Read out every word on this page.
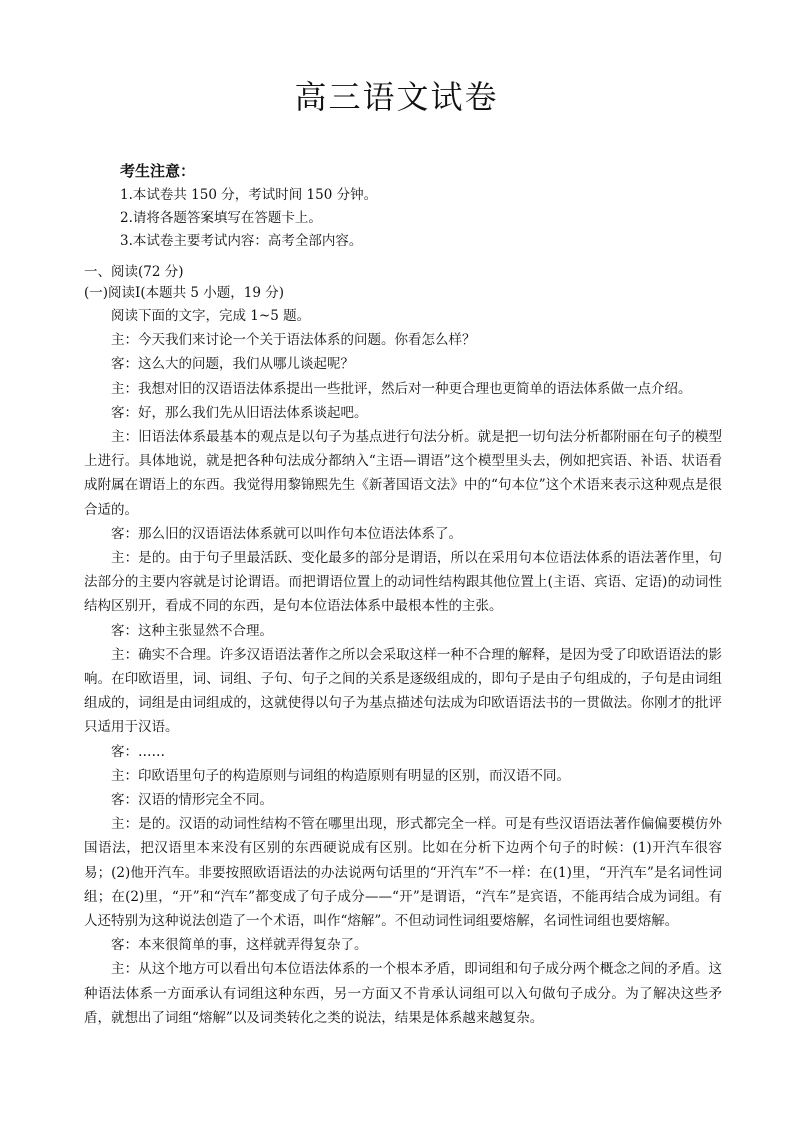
高三语文试卷

考生注意：

1.本试卷共 150 分，考试时间 150 分钟。

2.请将各题答案填写在答题卡上。

3.本试卷主要考试内容：高考全部内容。

一、阅读(72 分)

(一)阅读Ⅰ(本题共 5 小题，19 分)

阅读下面的文字，完成 1~5 题。

主：今天我们来讨论一个关于语法体系的问题。你看怎么样？

客：这么大的问题，我们从哪儿谈起呢？

主：我想对旧的汉语语法体系提出一些批评，然后对一种更合理也更简单的语法体系做一点介绍。

客：好，那么我们先从旧语法体系谈起吧。

主：旧语法体系最基本的观点是以句子为基点进行句法分析。就是把一切句法分析都附丽在句子的模型上进行。具体地说，就是把各种句法成分都纳入“主语—谓语”这个模型里头去，例如把宾语、补语、状语看成附属在谓语上的东西。我觉得用黎锦熙先生《新著国语文法》中的“句本位”这个术语来表示这种观点是很合适的。

客：那么旧的汉语语法体系就可以叫作句本位语法体系了。

主：是的。由于句子里最活跃、变化最多的部分是谓语，所以在采用句本位语法体系的语法著作里，句法部分的主要内容就是讨论谓语。而把谓语位置上的动词性结构跟其他位置上(主语、宾语、定语)的动词性结构区别开，看成不同的东西，是句本位语法体系中最根本性的主张。

客：这种主张显然不合理。

主：确实不合理。许多汉语语法著作之所以会采取这样一种不合理的解释，是因为受了印欧语语法的影响。在印欧语里，词、词组、子句、句子之间的关系是逐级组成的，即句子是由子句组成的，子句是由词组组成的，词组是由词组成的，这就使得以句子为基点描述句法成为印欧语语法书的一贯做法。你刚才的批评只适用于汉语。

客：……

主：印欧语里句子的构造原则与词组的构造原则有明显的区别，而汉语不同。

客：汉语的情形完全不同。

主：是的。汉语的动词性结构不管在哪里出现，形式都完全一样。可是有些汉语语法著作偏偏要模仿外国语法，把汉语里本来没有区别的东西硬说成有区别。比如在分析下边两个句子的时候：(1)开汽车很容易；(2)他开汽车。非要按照欧语语法的办法说两句话里的“开汽车”不一样：在(1)里，“开汽车”是名词性词组；在(2)里，“开”和“汽车”都变成了句子成分——“开”是谓语，“汽车”是宾语，不能再结合成为词组。有人还特别为这种说法创造了一个术语，叫作“熔解”。不但动词性词组要熔解，名词性词组也要熔解。

客：本来很简单的事，这样就弄得复杂了。

主：从这个地方可以看出句本位语法体系的一个根本矛盾，即词组和句子成分两个概念之间的矛盾。这种语法体系一方面承认有词组这种东西，另一方面又不肯承认词组可以入句做句子成分。为了解决这些矛盾，就想出了词组“熔解”以及词类转化之类的说法，结果是体系越来越复杂。
